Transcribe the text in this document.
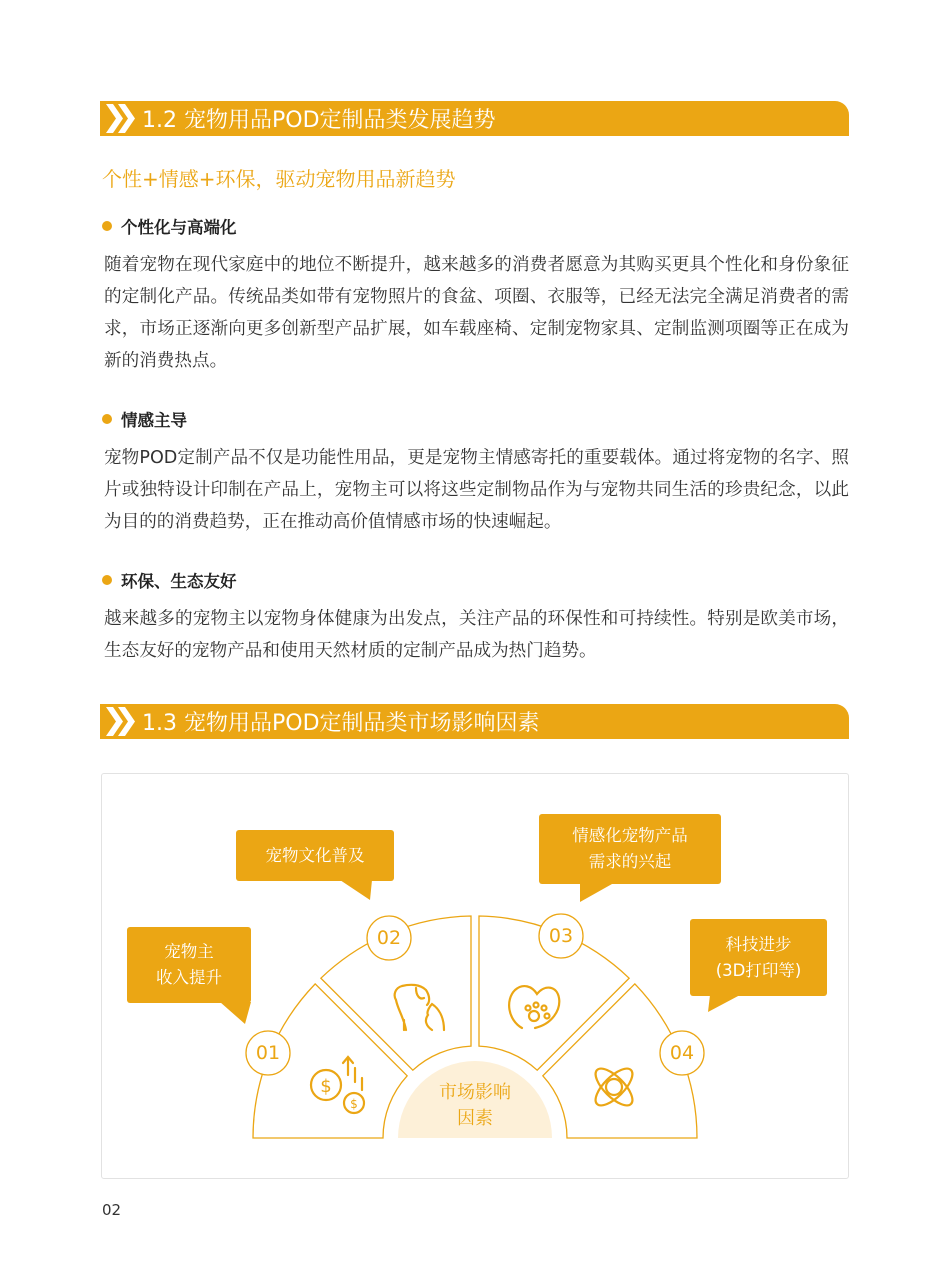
1.2 宠物用品POD定制品类发展趋势
个性+情感+环保，驱动宠物用品新趋势
个性化与高端化
随着宠物在现代家庭中的地位不断提升，越来越多的消费者愿意为其购买更具个性化和身份象征的定制化产品。传统品类如带有宠物照片的食盆、项圈、衣服等，已经无法完全满足消费者的需求，市场正逐渐向更多创新型产品扩展，如车载座椅、定制宠物家具、定制监测项圈等正在成为新的消费热点。
情感主导
宠物POD定制产品不仅是功能性用品，更是宠物主情感寄托的重要载体。通过将宠物的名字、照片或独特设计印制在产品上，宠物主可以将这些定制物品作为与宠物共同生活的珍贵纪念，以此为目的的消费趋势，正在推动高价值情感市场的快速崛起。
环保、生态友好
越来越多的宠物主以宠物身体健康为出发点，关注产品的环保性和可持续性。特别是欧美市场，生态友好的宠物产品和使用天然材质的定制产品成为热门趋势。
1.3 宠物用品POD定制品类市场影响因素
$
$
宠物文化普及
情感化宠物产品
需求的兴起
宠物主
收入提升
科技进步
(3D打印等)
01
02	03
04
市场影响
因素
02
